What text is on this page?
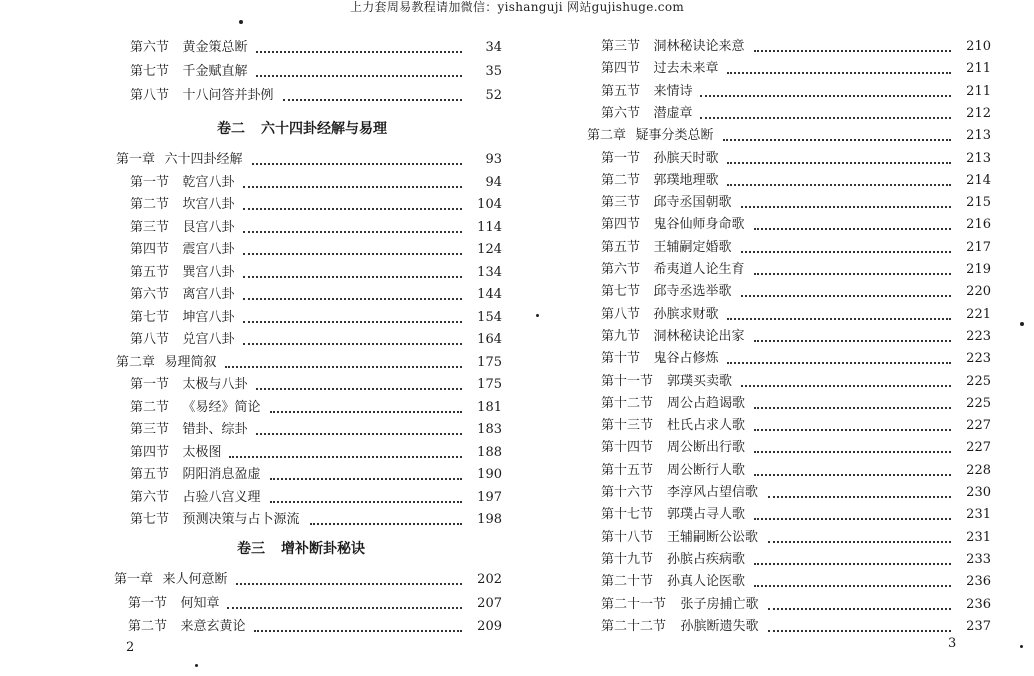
上力套周易教程请加微信：yishanguji 网站gujishuge.com
第六节 黄金策总断	34
第七节 千金赋直解	35
第八节 十八问答并卦例	52
第一章 六十四卦经解	93
第一节 乾宫八卦	94
第二节 坎宫八卦	104
第三节 艮宫八卦	114
第四节 震宫八卦	124
第五节 巽宫八卦	134
第六节 离宫八卦	144
第七节 坤宫八卦	154
第八节 兑宫八卦	164
第二章 易理简叙	175
第一节 太极与八卦	175
第二节 《易经》简论	181
第三节 错卦、综卦	183
第四节 太极图	188
第五节 阴阳消息盈虚	190
第六节 占验八宫义理	197
第七节 预测决策与占卜源流	198
第一章 来人何意断	202
第一节 何知章	207
第二节 来意玄黄论	209
第三节 洞林秘诀论来意	210
第四节 过去未来章	211
第五节 来情诗	211
第六节 潜虚章	212
第二章 疑事分类总断	213
第一节 孙膑天时歌	213
第二节 郭璞地理歌	214
第三节 邱寺丞国朝歌	215
第四节 鬼谷仙师身命歌	216
第五节 王辅嗣定婚歌	217
第六节 希夷道人论生育	219
第七节 邱寺丞选举歌	220
第八节 孙膑求财歌	221
第九节 洞林秘诀论出家	223
第十节 鬼谷占修炼	223
第十一节 郭璞买卖歌	225
第十二节 周公占趋谒歌	225
第十三节 杜氏占求人歌	227
第十四节 周公断出行歌	227
第十五节 周公断行人歌	228
第十六节 李淳风占望信歌	230
第十七节 郭璞占寻人歌	231
第十八节 王辅嗣断公讼歌	231
第十九节 孙膑占疾病歌	233
第二十节 孙真人论医歌	236
第二十一节 张子房捕亡歌	236
第二十二节 孙膑断遗失歌	237
卷二 六十四卦经解与易理
卷三 增补断卦秘诀
2	3
